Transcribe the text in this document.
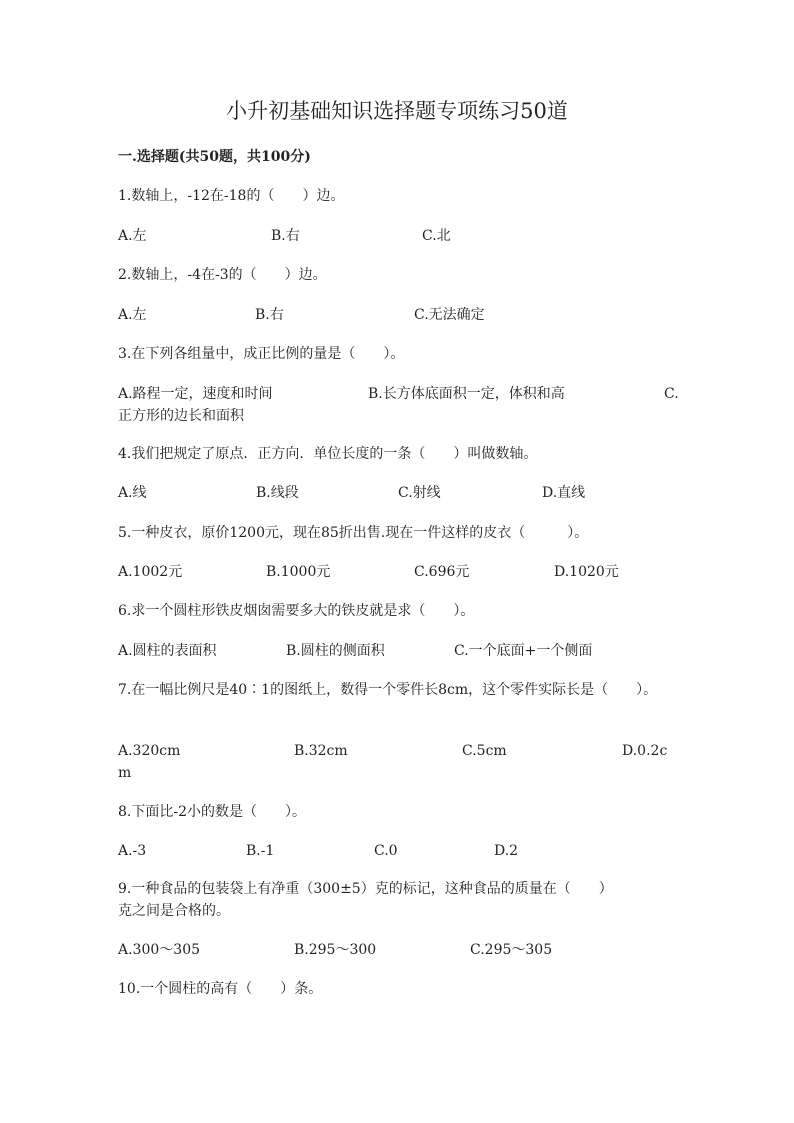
小升初基础知识选择题专项练习50道
一.选择题(共50题，共100分)
1.数轴上，-12在-18的（　　）边。
A.左	B.右	C.北
2.数轴上，-4在-3的（　　）边。
A.左	B.右	C.无法确定
3.在下列各组量中，成正比例的量是（　　）。
A.路程一定，速度和时间	B.长方体底面积一定，体积和高	C.
正方形的边长和面积
4.我们把规定了原点．正方向．单位长度的一条（　　）叫做数轴。
A.线	B.线段	C.射线	D.直线
5.一种皮衣，原价1200元，现在85折出售.现在一件这样的皮衣（　　　）。
A.1002元	B.1000元	C.696元	D.1020元
6.求一个圆柱形铁皮烟囱需要多大的铁皮就是求（　　）。
A.圆柱的表面积	B.圆柱的侧面积	C.一个底面+一个侧面
7.在一幅比例尺是40∶1的图纸上，数得一个零件长8cm，这个零件实际长是（　　）。
A.320cm	B.32cm	C.5cm	D.0.2c
m
8.下面比-2小的数是（　　）。
A.-3	B.-1	C.0	D.2
9.一种食品的包装袋上有净重（300±5）克的标记，这种食品的质量在（　　）克之间是合格的。
A.300～305	B.295～300	C.295～305
10.一个圆柱的高有（　　）条。
